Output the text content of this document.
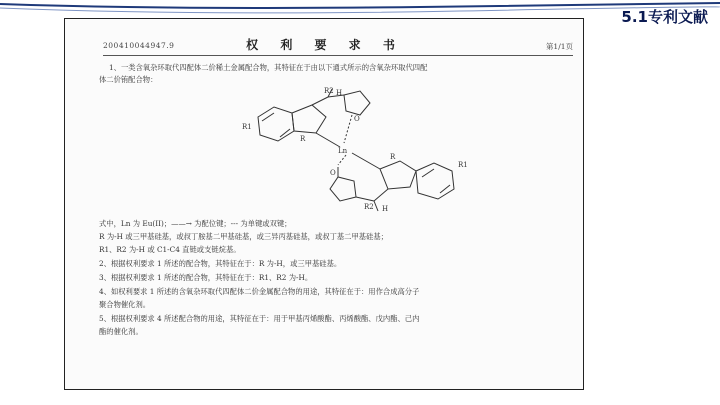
5.1专利文献
200410044947.9	权 利 要 求 书	第1/1页
1、一类含氧杂环取代四配体二价稀土金属配合物，其特征在于由以下通式所示的含氧杂环取代四配
体二价铕配合物：
R2 H
R1
R
O
Ln
R
R1
O
R2 H
式中，Ln 为 Eu(II)；——→ 为配位键；--- 为单键或双键；
R 为-H 或三甲基硅基，或叔丁胺基二甲基硅基，或三异丙基硅基，或叔丁基二甲基硅基；
R1、R2 为-H 或 C1-C4 直链或支链烷基。
2、根据权利要求 1 所述的配合物，其特征在于：R 为-H，或三甲基硅基。
3、根据权利要求 1 所述的配合物，其特征在于：R1、R2 为-H。
4、如权利要求 1 所述的含氧杂环取代四配体二价金属配合物的用途，其特征在于：用作合成高分子
聚合物催化剂。
5、根据权利要求 4 所述配合物的用途，其特征在于：用于甲基丙烯酸酯、丙烯酸酯、戊内酯、己内
酯的催化剂。
